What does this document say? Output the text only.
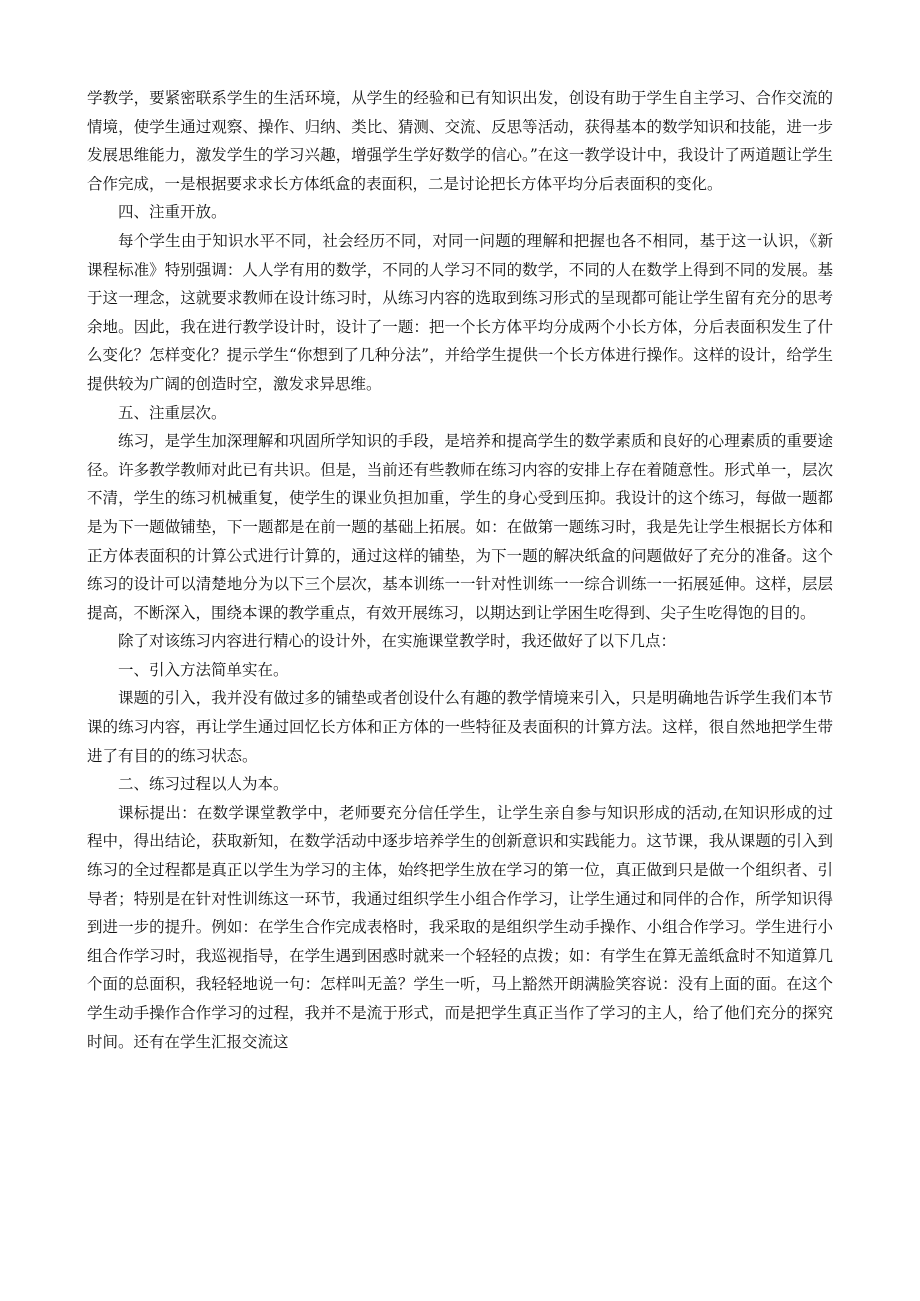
学教学，要紧密联系学生的生活环境，从学生的经验和已有知识出发，创设有助于学生自主学习、合作交流的情境，使学生通过观察、操作、归纳、类比、猜测、交流、反思等活动，获得基本的数学知识和技能，进一步发展思维能力，激发学生的学习兴趣，增强学生学好数学的信心。”在这一教学设计中，我设计了两道题让学生合作完成，一是根据要求求长方体纸盒的表面积，二是讨论把长方体平均分后表面积的变化。

四、注重开放。

每个学生由于知识水平不同，社会经历不同，对同一问题的理解和把握也各不相同，基于这一认识，《新课程标准》特别强调：人人学有用的数学，不同的人学习不同的数学，不同的人在数学上得到不同的发展。基于这一理念，这就要求教师在设计练习时，从练习内容的选取到练习形式的呈现都可能让学生留有充分的思考余地。因此，我在进行教学设计时，设计了一题：把一个长方体平均分成两个小长方体，分后表面积发生了什么变化？怎样变化？提示学生“你想到了几种分法”，并给学生提供一个长方体进行操作。这样的设计，给学生提供较为广阔的创造时空，激发求异思维。

五、注重层次。

练习，是学生加深理解和巩固所学知识的手段，是培养和提高学生的数学素质和良好的心理素质的重要途径。许多教学教师对此已有共识。但是，当前还有些教师在练习内容的安排上存在着随意性。形式单一，层次不清，学生的练习机械重复，使学生的课业负担加重，学生的身心受到压抑。我设计的这个练习，每做一题都是为下一题做铺垫，下一题都是在前一题的基础上拓展。如：在做第一题练习时，我是先让学生根据长方体和正方体表面积的计算公式进行计算的，通过这样的铺垫，为下一题的解决纸盒的问题做好了充分的准备。这个练习的设计可以清楚地分为以下三个层次，基本训练一一针对性训练一一综合训练一一拓展延伸。这样，层层提高，不断深入，围绕本课的教学重点，有效开展练习，以期达到让学困生吃得到、尖子生吃得饱的目的。

除了对该练习内容进行精心的设计外，在实施课堂教学时，我还做好了以下几点：

一、引入方法简单实在。

课题的引入，我并没有做过多的铺垫或者创设什么有趣的教学情境来引入，只是明确地告诉学生我们本节课的练习内容，再让学生通过回忆长方体和正方体的一些特征及表面积的计算方法。这样，很自然地把学生带进了有目的的练习状态。

二、练习过程以人为本。

课标提出：在数学课堂教学中，老师要充分信任学生，让学生亲自参与知识形成的活动,在知识形成的过程中，得出结论，获取新知，在数学活动中逐步培养学生的创新意识和实践能力。这节课，我从课题的引入到练习的全过程都是真正以学生为学习的主体，始终把学生放在学习的第一位，真正做到只是做一个组织者、引导者；特别是在针对性训练这一环节，我通过组织学生小组合作学习，让学生通过和同伴的合作，所学知识得到进一步的提升。例如：在学生合作完成表格时，我采取的是组织学生动手操作、小组合作学习。学生进行小组合作学习时，我巡视指导，在学生遇到困惑时就来一个轻轻的点拨；如：有学生在算无盖纸盒时不知道算几个面的总面积，我轻轻地说一句：怎样叫无盖？学生一听，马上豁然开朗满脸笑容说：没有上面的面。在这个学生动手操作合作学习的过程，我并不是流于形式，而是把学生真正当作了学习的主人，给了他们充分的探究时间。还有在学生汇报交流这
